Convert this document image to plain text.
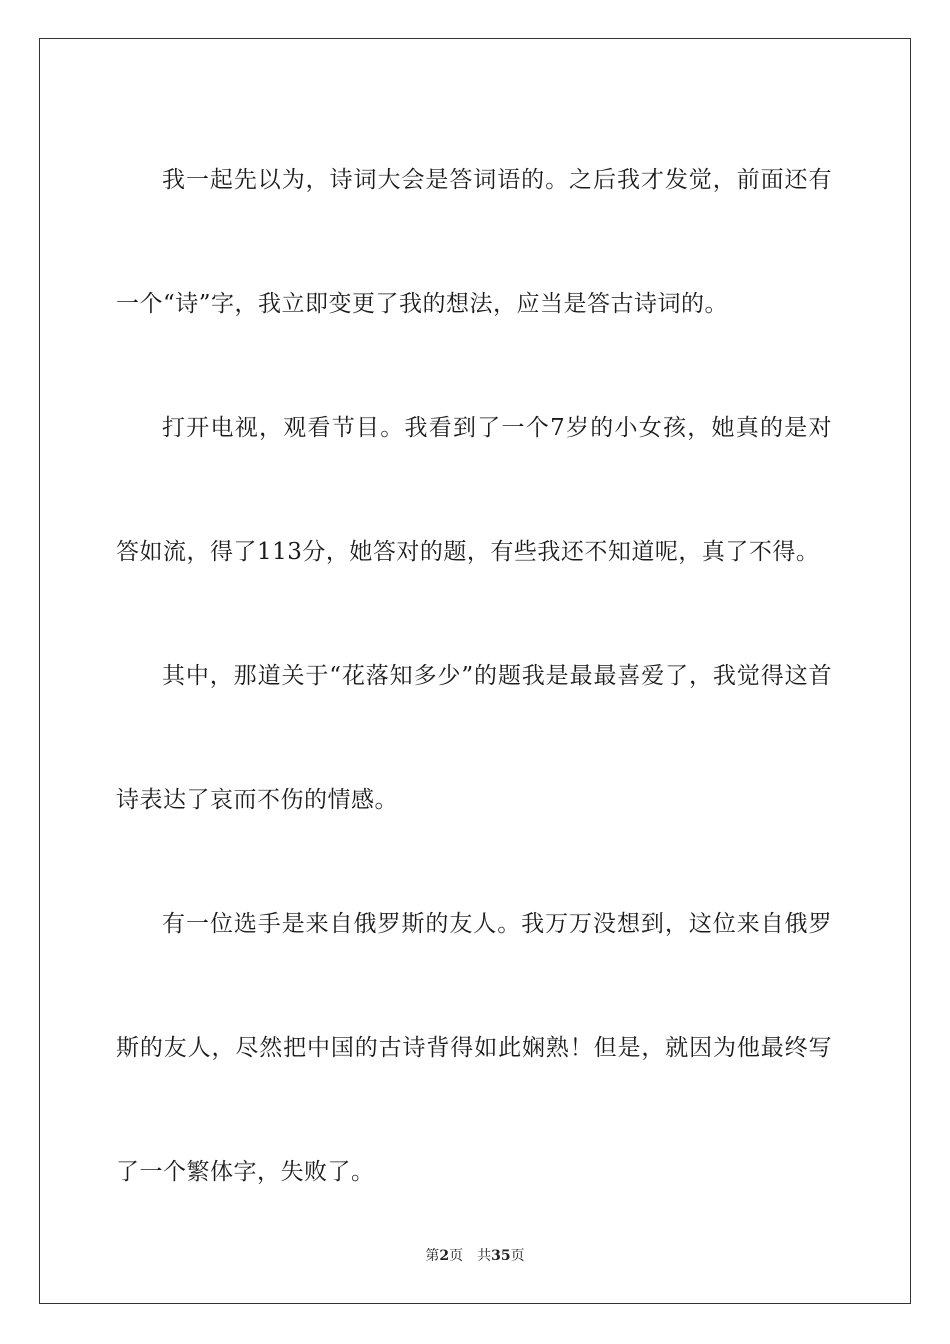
我一起先以为，诗词大会是答词语的。之后我才发觉，前面还有一个“诗”字，我立即变更了我的想法，应当是答古诗词的。

打开电视，观看节目。我看到了一个7岁的小女孩，她真的是对答如流，得了113分，她答对的题，有些我还不知道呢，真了不得。

其中，那道关于“花落知多少”的题我是最最喜爱了，我觉得这首诗表达了哀而不伤的情感。

有一位选手是来自俄罗斯的友人。我万万没想到，这位来自俄罗斯的友人，尽然把中国的古诗背得如此娴熟！但是，就因为他最终写了一个繁体字，失败了。

第2页 共35页
